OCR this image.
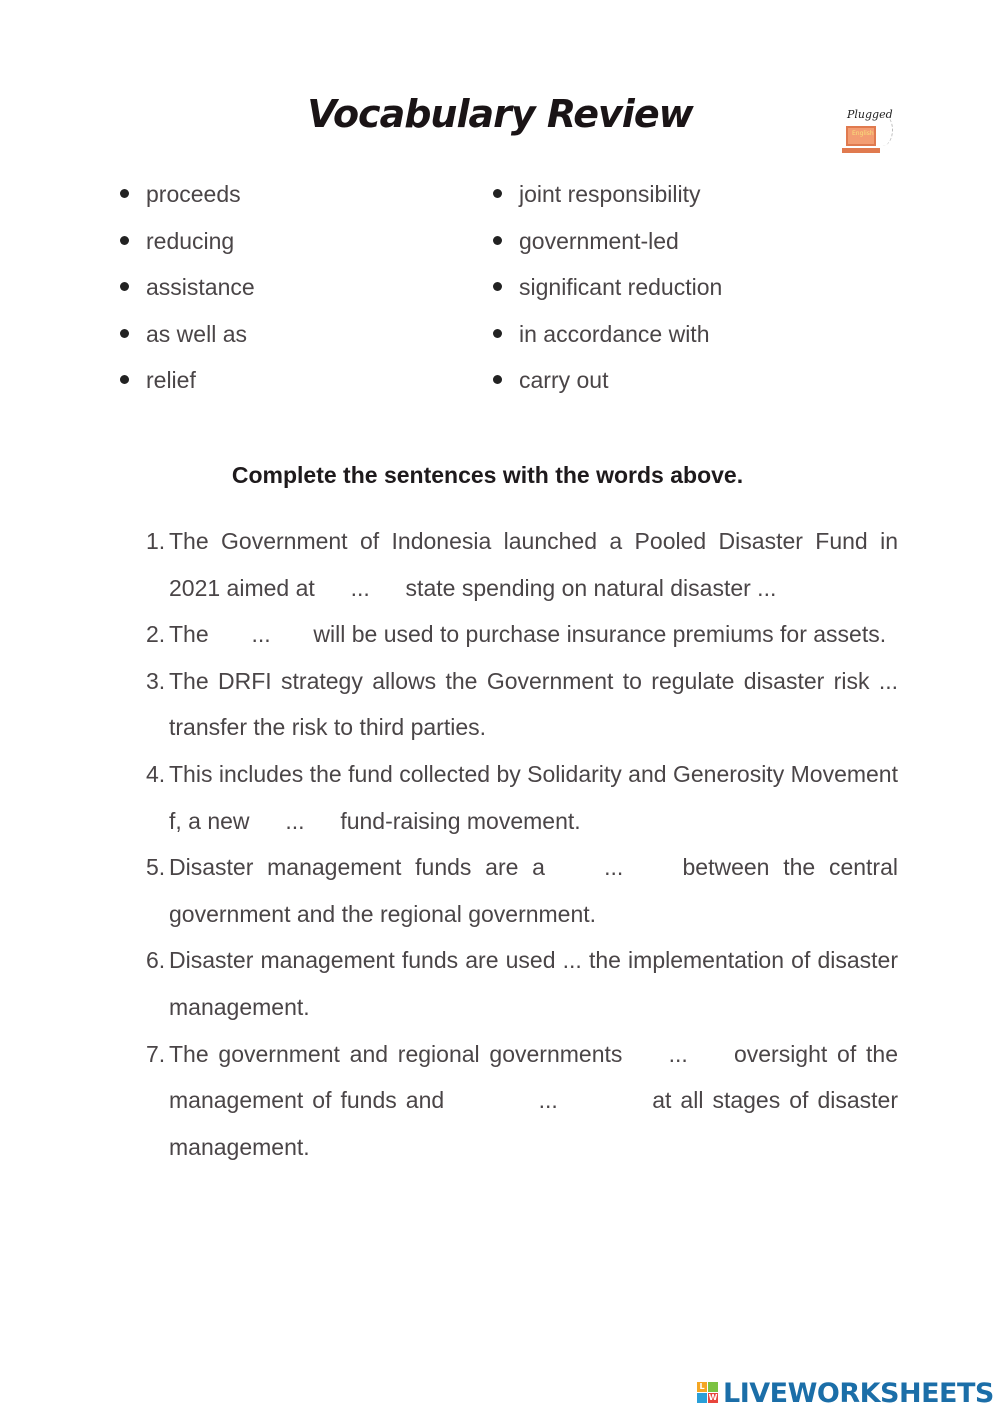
Vocabulary Review	Plugged
English
proceeds
reducing
assistance
as well as
relief
joint responsibility
government-led
significant reduction
in accordance with
carry out
Complete the sentences with the words above.
1. The Government of Indonesia launched a Pooled Disaster Fund in 2021 aimed at ... state spending on natural disaster ...
2. The ... will be used to purchase insurance premiums for assets.
3. The DRFI strategy allows the Government to regulate disaster risk ... transfer the risk to third parties.
4. This includes the fund collected by Solidarity and Generosity Movement f, a new ... fund-raising movement.
5. Disaster management funds are a ... between the central government and the regional government.
6. Disaster management funds are used ... the implementation of disaster management.
7. The government and regional governments ... oversight of the management of funds and	...	at all stages of disaster management.
L
W LIVEWORKSHEETS
